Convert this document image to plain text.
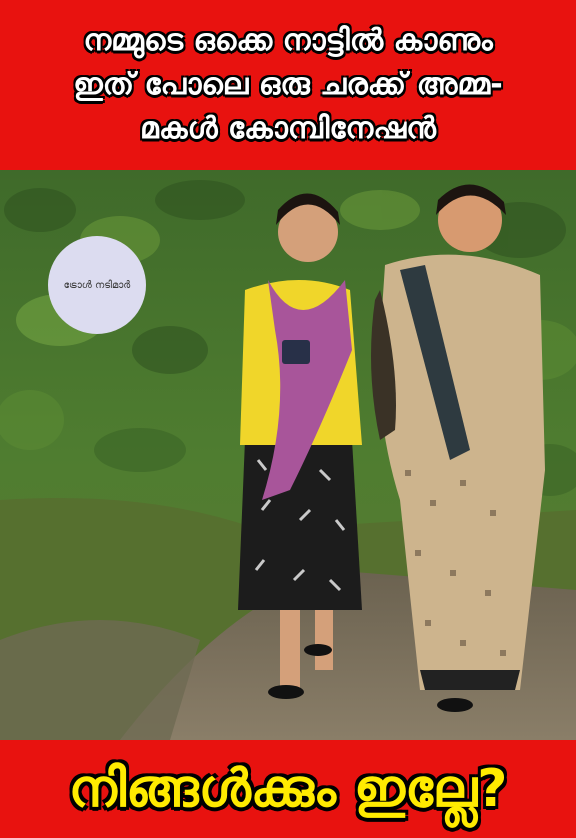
നമ്മുടെ ഒക്കെ നാട്ടിൽ കാണും
ഇത് പോലെ ഒരു ചരക്ക് അമ്മ-
മകൾ കോമ്പിനേഷൻ
ട്രോൾ നടിമാർ
നിങ്ങൾക്കും ഇല്ലേ?
